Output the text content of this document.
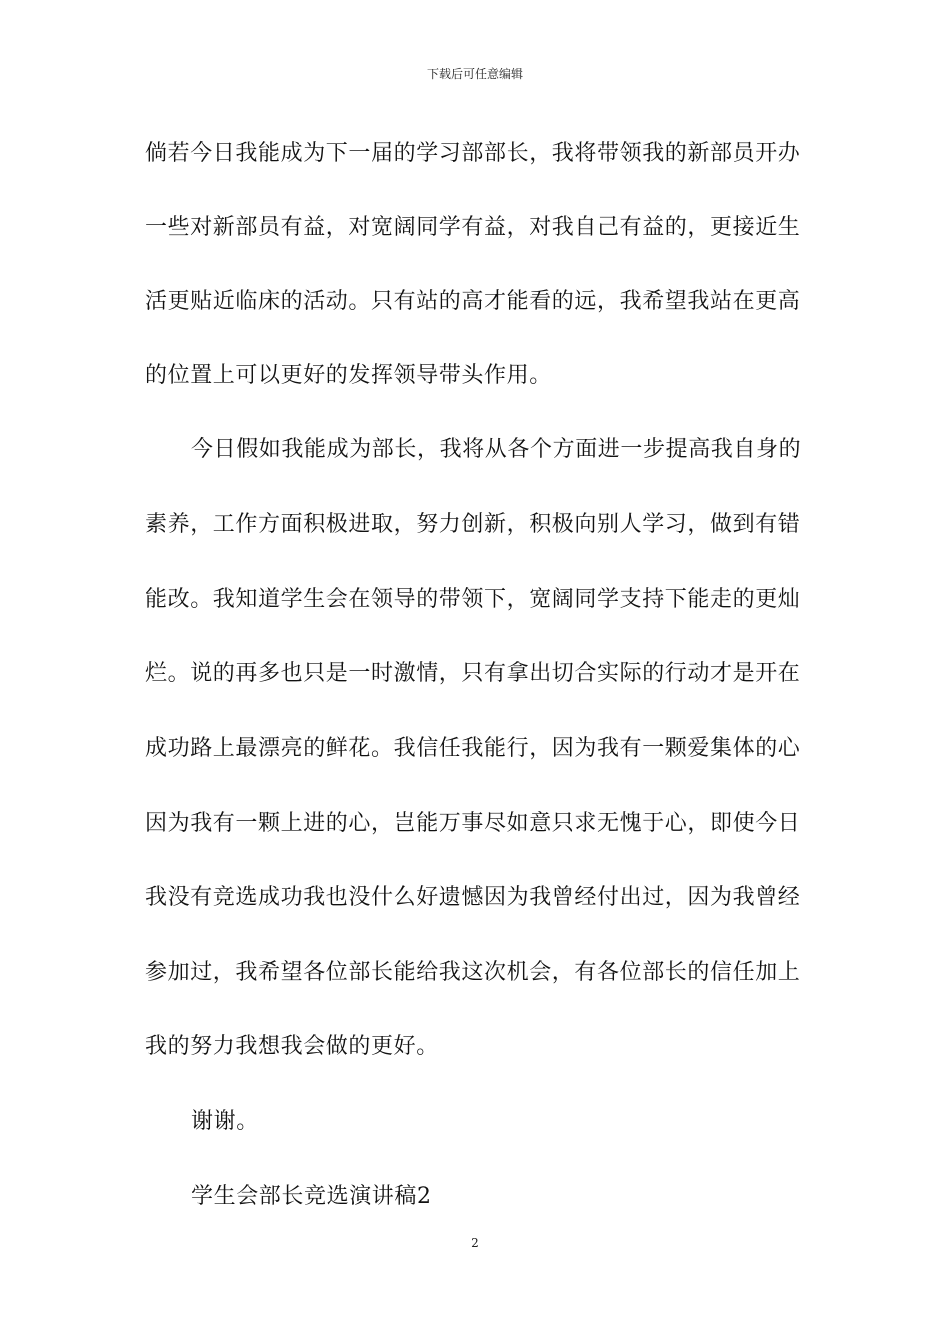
下载后可任意编辑
倘若今日我能成为下一届的学习部部长，我将带领我的新部员开办
一些对新部员有益，对宽阔同学有益，对我自己有益的，更接近生
活更贴近临床的活动。只有站的高才能看的远，我希望我站在更高
的位置上可以更好的发挥领导带头作用。
今日假如我能成为部长，我将从各个方面进一步提高我自身的
素养，工作方面积极进取，努力创新，积极向别人学习，做到有错
能改。我知道学生会在领导的带领下，宽阔同学支持下能走的更灿
烂。说的再多也只是一时激情，只有拿出切合实际的行动才是开在
成功路上最漂亮的鲜花。我信任我能行，因为我有一颗爱集体的心
因为我有一颗上进的心，岂能万事尽如意只求无愧于心，即使今日
我没有竞选成功我也没什么好遗憾因为我曾经付出过，因为我曾经
参加过，我希望各位部长能给我这次机会，有各位部长的信任加上
我的努力我想我会做的更好。
谢谢。
学生会部长竞选演讲稿2
2
